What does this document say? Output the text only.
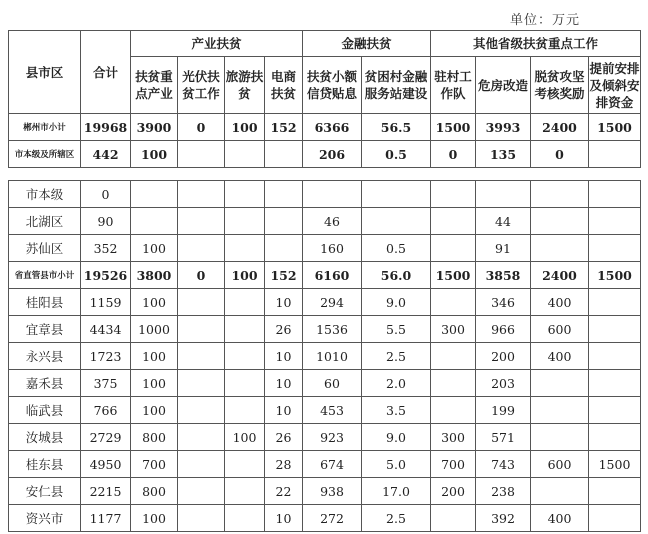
单位：万元
县市区	合计	产业扶贫				金融扶贫		其他省级扶贫重点工作			
		扶贫重点产业	光伏扶贫工作	旅游扶贫	电商扶贫	扶贫小额信贷贴息	贫困村金融服务站建设	驻村工作队	危房改造	脱贫攻坚考核奖励	提前安排及倾斜安排资金
郴州市小计	19968	3900	0	100	152	6366	56.5	1500	3993	2400	1500
市本级及所辖区	442	100				206	0.5	0	135	0	

市本级	0										
北湖区	90					46			44		
苏仙区	352	100				160	0.5		91		
省直管县市小计	19526	3800	0	100	152	6160	56.0	1500	3858	2400	1500
桂阳县	1159	100			10	294	9.0		346	400	
宜章县	4434	1000			26	1536	5.5	300	966	600	
永兴县	1723	100			10	1010	2.5		200	400	
嘉禾县	375	100			10	60	2.0		203		
临武县	766	100			10	453	3.5		199		
汝城县	2729	800		100	26	923	9.0	300	571		
桂东县	4950	700			28	674	5.0	700	743	600	1500
安仁县	2215	800			22	938	17.0	200	238		
资兴市	1177	100			10	272	2.5		392	400	
